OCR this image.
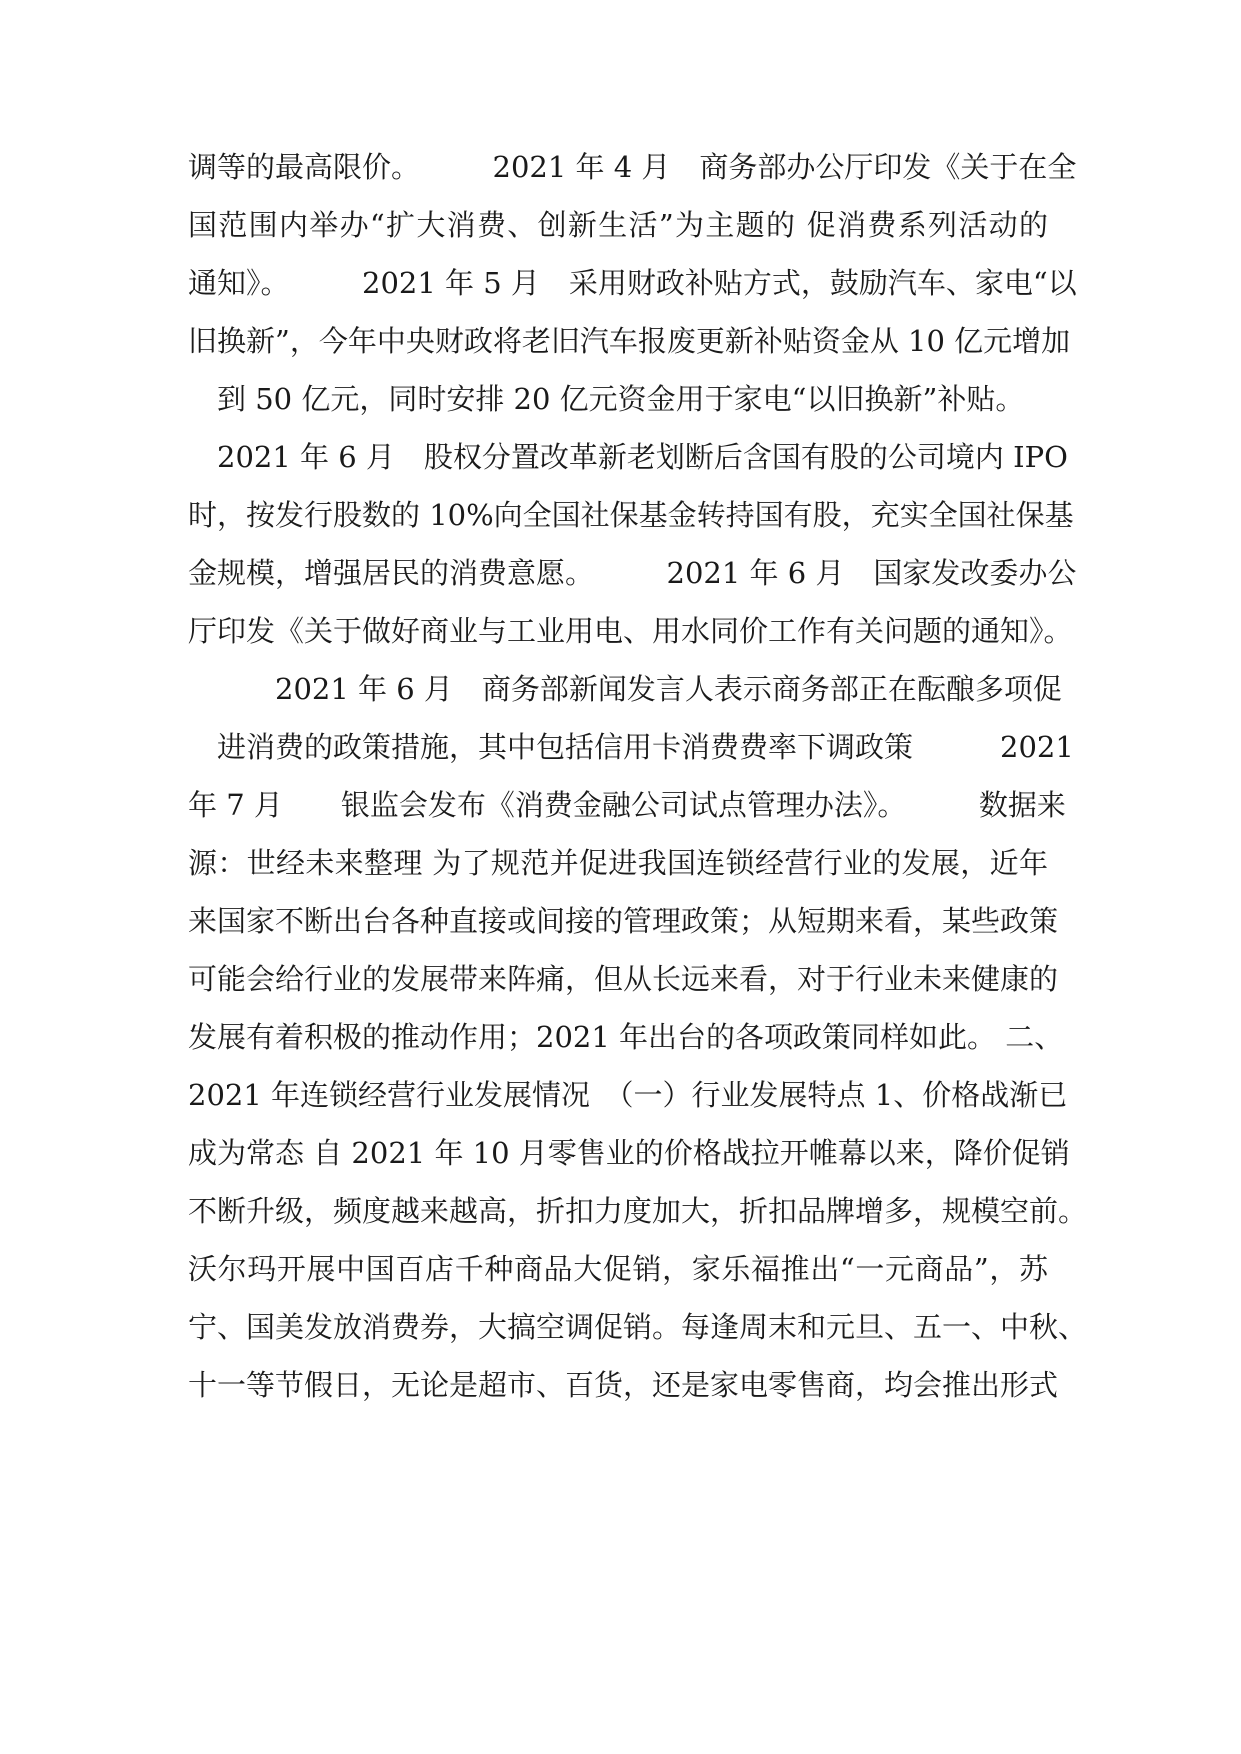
调等的最高限价。　　　2021 年 4 月　商务部办公厅印发《关于在全
国范围内举办“扩大消费、创新生活”为主题的 促消费系列活动的
通知》。　　　2021 年 5 月　采用财政补贴方式，鼓励汽车、家电“以
旧换新”，今年中央财政将老旧汽车报废更新补贴资金从 10 亿元增加
　到 50 亿元，同时安排 20 亿元资金用于家电“以旧换新”补贴。
　2021 年 6 月　股权分置改革新老划断后含国有股的公司境内 IPO
时，按发行股数的 10%向全国社保基金转持国有股，充实全国社保基
金规模，增强居民的消费意愿。　　　2021 年 6 月　国家发改委办公
厅印发《关于做好商业与工业用电、用水同价工作有关问题的通知》。
　　　2021 年 6 月　商务部新闻发言人表示商务部正在酝酿多项促
　进消费的政策措施，其中包括信用卡消费费率下调政策　　　2021
年 7 月　　银监会发布《消费金融公司试点管理办法》。　　　数据来
源：世经未来整理 为了规范并促进我国连锁经营行业的发展，近年
来国家不断出台各种直接或间接的管理政策；从短期来看，某些政策
可能会给行业的发展带来阵痛，但从长远来看，对于行业未来健康的
发展有着积极的推动作用；2021 年出台的各项政策同样如此。 二、
2021 年连锁经营行业发展情况　（一）行业发展特点 1、价格战渐已
成为常态 自 2021 年 10 月零售业的价格战拉开帷幕以来，降价促销
不断升级，频度越来越高，折扣力度加大，折扣品牌增多，规模空前。
沃尔玛开展中国百店千种商品大促销，家乐福推出“一元商品”，苏
宁、国美发放消费券，大搞空调促销。每逢周末和元旦、五一、中秋、
十一等节假日，无论是超市、百货，还是家电零售商，均会推出形式
